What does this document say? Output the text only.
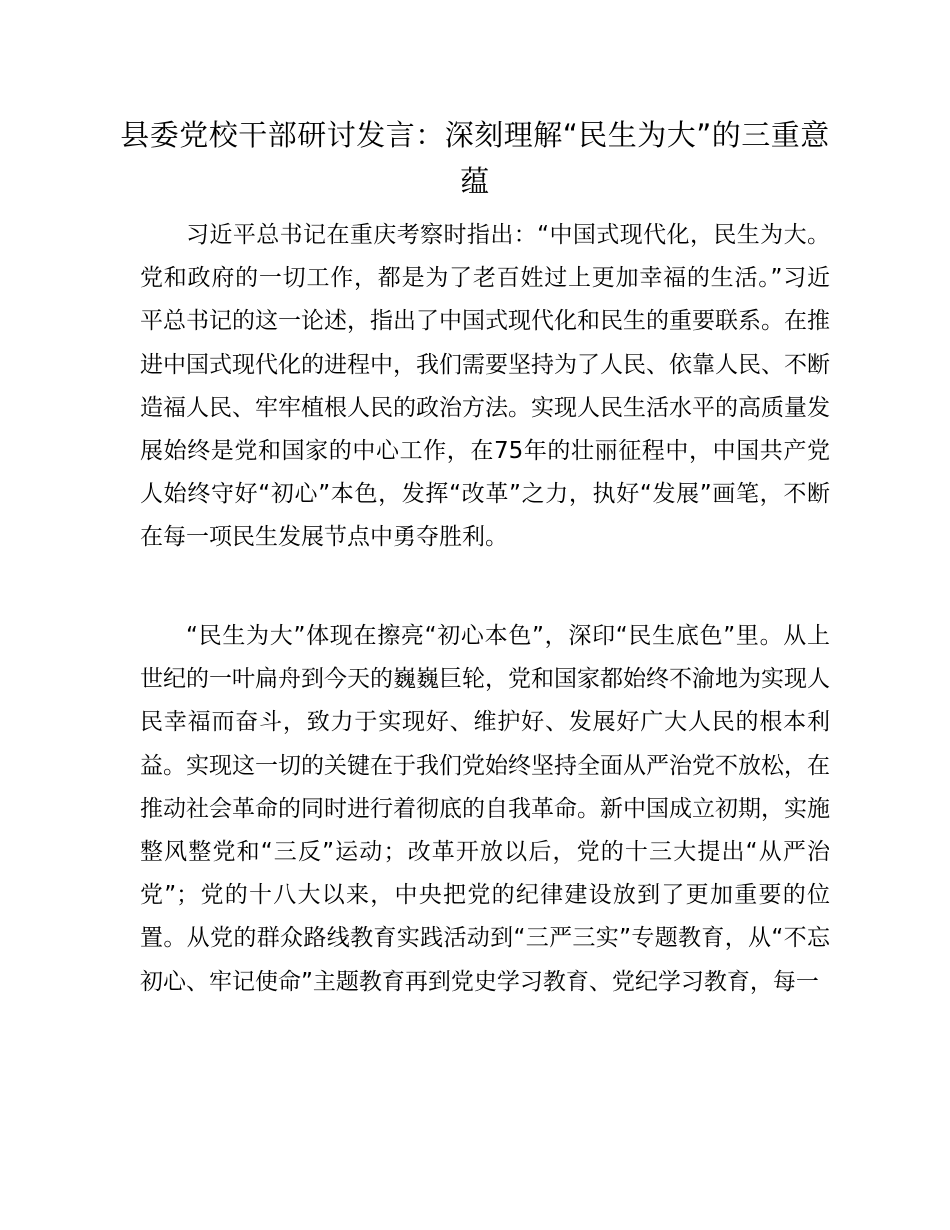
县委党校干部研讨发言：深刻理解“民生为大”的三重意蕴

习近平总书记在重庆考察时指出：“中国式现代化，民生为大。党和政府的一切工作，都是为了老百姓过上更加幸福的生活。”习近平总书记的这一论述，指出了中国式现代化和民生的重要联系。在推进中国式现代化的进程中，我们需要坚持为了人民、依靠人民、不断造福人民、牢牢植根人民的政治方法。实现人民生活水平的高质量发展始终是党和国家的中心工作，在75年的壮丽征程中，中国共产党人始终守好“初心”本色，发挥“改革”之力，执好“发展”画笔，不断在每一项民生发展节点中勇夺胜利。

“民生为大”体现在擦亮“初心本色”，深印“民生底色”里。从上世纪的一叶扁舟到今天的巍巍巨轮，党和国家都始终不渝地为实现人民幸福而奋斗，致力于实现好、维护好、发展好广大人民的根本利益。实现这一切的关键在于我们党始终坚持全面从严治党不放松，在推动社会革命的同时进行着彻底的自我革命。新中国成立初期，实施整风整党和“三反”运动；改革开放以后，党的十三大提出“从严治党”；党的十八大以来，中央把党的纪律建设放到了更加重要的位置。从党的群众路线教育实践活动到“三严三实”专题教育，从“不忘初心、牢记使命”主题教育再到党史学习教育、党纪学习教育，每一
